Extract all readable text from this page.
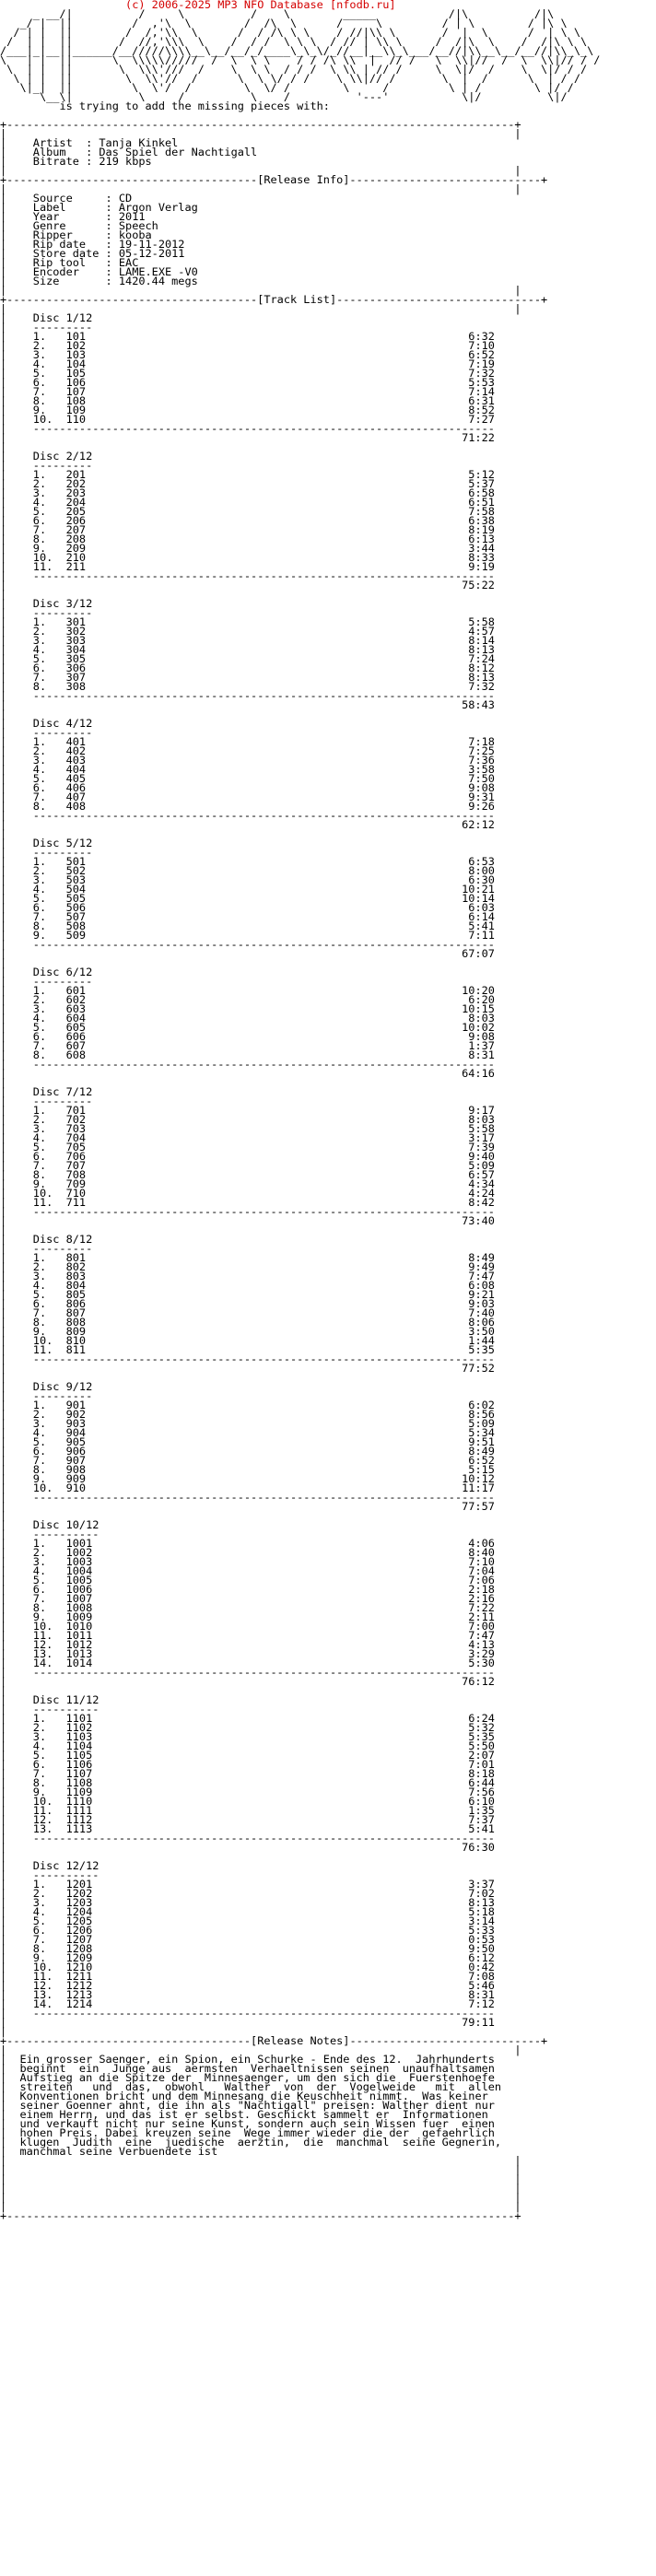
(c) 2006-2025 MP3 NFO Database [nfodb.ru]
_ __/|          /     \          /    \        _____           /|\          /|\
_/ |  ||         /  ,'\  \        /  /\  \      /     \         / | \        / |\ \
/ | |  ||        /  /,'\\  \      /  / /\ \ \    / //|\\ \       /  |  \      /  | \ \
/  | |  ||       /  //,'\\\  \    /  / /  \ \ \  / // | \\ \     /  /|\  \    /  /|\ \ \
/___|_|__||______/__/////\\\\__\__/__/_/____\_\_\/_//__|__\\_\___/__//|\\__\__/__//|\\_\_\
\   | |  ||      \  \\\\\/////  /  \  \ \    / / /\ \\  |  // /   \  \\|//  /  \  \\|// / /
\  | |  ||       \  \\\'///  /    \  \ \  / / /  \ \\ | // /     \  \|/  /    \  \|/ / /
\ | |  ||        \  \\'//  /      \  \ \/ / /    \ \\|// /       \  |  /      \  | / /
\|_|  ||         \  \'/  /        \  \/ /        \     /         \ | /        \ |/ /
\__\|          \     /          \    /          '---'           \|/          \|/
is trying to add the missing pieces with:

+-----------------------------------------------------------------------------+
|                                                                             |
|    Artist  : Tanja Kinkel
|    Album   : Das Spiel der Nachtigall
|    Bitrate : 219 kbps
|                                                                             |
+--------------------------------------[Release Info]-----------------------------+
|                                                                             |
|    Source     : CD
|    Label      : Argon Verlag
|    Year       : 2011
|    Genre      : Speech
|    Ripper     : kooba
|    Rip date   : 19-11-2012
|    Store date : 05-12-2011
|    Rip tool   : EAC
|    Encoder    : LAME.EXE -V0
|    Size       : 1420.44 megs
|                                                                             |
+--------------------------------------[Track List]-------------------------------+
|                                                                             |
|    Disc 1/12
|    ---------
|    1.   101                                                          6:32
|    2.   102                                                          7:10
|    3.   103                                                          6:52
|    4.   104                                                          7:19
|    5.   105                                                          7:32
|    6.   106                                                          5:53
|    7.   107                                                          7:14
|    8.   108                                                          6:31
|    9.   109                                                          8:52
|    10.  110                                                          7:27
|    ----------------------------------------------------------------------
|                                                                     71:22
|
|    Disc 2/12
|    ---------
|    1.   201                                                          5:12
|    2.   202                                                          5:37
|    3.   203                                                          6:58
|    4.   204                                                          6:51
|    5.   205                                                          7:58
|    6.   206                                                          6:38
|    7.   207                                                          8:19
|    8.   208                                                          6:13
|    9.   209                                                          3:44
|    10.  210                                                          8:33
|    11.  211                                                          9:19
|    ----------------------------------------------------------------------
|                                                                     75:22
|
|    Disc 3/12
|    ---------
|    1.   301                                                          5:58
|    2.   302                                                          4:57
|    3.   303                                                          8:14
|    4.   304                                                          8:13
|    5.   305                                                          7:24
|    6.   306                                                          8:12
|    7.   307                                                          8:13
|    8.   308                                                          7:32
|    ----------------------------------------------------------------------
|                                                                     58:43
|
|    Disc 4/12
|    ---------
|    1.   401                                                          7:18
|    2.   402                                                          7:25
|    3.   403                                                          7:36
|    4.   404                                                          3:58
|    5.   405                                                          7:50
|    6.   406                                                          9:08
|    7.   407                                                          9:31
|    8.   408                                                          9:26
|    ----------------------------------------------------------------------
|                                                                     62:12
|
|    Disc 5/12
|    ---------
|    1.   501                                                          6:53
|    2.   502                                                          8:00
|    3.   503                                                          6:30
|    4.   504                                                         10:21
|    5.   505                                                         10:14
|    6.   506                                                          6:03
|    7.   507                                                          6:14
|    8.   508                                                          5:41
|    9.   509                                                          7:11
|    ----------------------------------------------------------------------
|                                                                     67:07
|
|    Disc 6/12
|    ---------
|    1.   601                                                         10:20
|    2.   602                                                          6:20
|    3.   603                                                         10:15
|    4.   604                                                          8:03
|    5.   605                                                         10:02
|    6.   606                                                          9:08
|    7.   607                                                          1:37
|    8.   608                                                          8:31
|    ----------------------------------------------------------------------
|                                                                     64:16
|
|    Disc 7/12
|    ---------
|    1.   701                                                          9:17
|    2.   702                                                          8:03
|    3.   703                                                          5:58
|    4.   704                                                          3:17
|    5.   705                                                          7:39
|    6.   706                                                          9:40
|    7.   707                                                          5:09
|    8.   708                                                          6:57
|    9.   709                                                          4:34
|    10.  710                                                          4:24
|    11.  711                                                          8:42
|    ----------------------------------------------------------------------
|                                                                     73:40
|
|    Disc 8/12
|    ---------
|    1.   801                                                          8:49
|    2.   802                                                          9:49
|    3.   803                                                          7:47
|    4.   804                                                          6:08
|    5.   805                                                          9:21
|    6.   806                                                          9:03
|    7.   807                                                          7:40
|    8.   808                                                          8:06
|    9.   809                                                          3:50
|    10.  810                                                          1:44
|    11.  811                                                          5:35
|    ----------------------------------------------------------------------
|                                                                     77:52
|
|    Disc 9/12
|    ---------
|    1.   901                                                          6:02
|    2.   902                                                          8:56
|    3.   903                                                          5:09
|    4.   904                                                          5:34
|    5.   905                                                          9:51
|    6.   906                                                          8:49
|    7.   907                                                          6:52
|    8.   908                                                          5:15
|    9.   909                                                         10:12
|    10.  910                                                         11:17
|    ----------------------------------------------------------------------
|                                                                     77:57
|
|    Disc 10/12
|    ----------
|    1.   1001                                                         4:06
|    2.   1002                                                         8:40
|    3.   1003                                                         7:10
|    4.   1004                                                         7:04
|    5.   1005                                                         7:06
|    6.   1006                                                         2:18
|    7.   1007                                                         2:16
|    8.   1008                                                         7:22
|    9.   1009                                                         2:11
|    10.  1010                                                         7:00
|    11.  1011                                                         7:47
|    12.  1012                                                         4:13
|    13.  1013                                                         3:29
|    14.  1014                                                         5:30
|    ----------------------------------------------------------------------
|                                                                     76:12
|
|    Disc 11/12
|    ----------
|    1.   1101                                                         6:24
|    2.   1102                                                         5:32
|    3.   1103                                                         5:35
|    4.   1104                                                         5:50
|    5.   1105                                                         2:07
|    6.   1106                                                         7:01
|    7.   1107                                                         8:18
|    8.   1108                                                         6:44
|    9.   1109                                                         7:56
|    10.  1110                                                         6:10
|    11.  1111                                                         1:35
|    12.  1112                                                         7:37
|    13.  1113                                                         5:41
|    ----------------------------------------------------------------------
|                                                                     76:30
|
|    Disc 12/12
|    ----------
|    1.   1201                                                         3:37
|    2.   1202                                                         7:02
|    3.   1203                                                         8:13
|    4.   1204                                                         5:18
|    5.   1205                                                         3:14
|    6.   1206                                                         5:33
|    7.   1207                                                         0:53
|    8.   1208                                                         9:50
|    9.   1209                                                         6:12
|    10.  1210                                                         0:42
|    11.  1211                                                         7:08
|    12.  1212                                                         5:46
|    13.  1213                                                         8:31
|    14.  1214                                                         7:12
|    ----------------------------------------------------------------------
|                                                                     79:11
|
+-------------------------------------[Release Notes]-----------------------------+
|                                                                             |
|  Ein grosser Saenger, ein Spion, ein Schurke - Ende des 12.  Jahrhunderts
|  beginnt  ein  Junge aus  aermsten  Verhaeltnissen seinen  unaufhaltsamen
|  Aufstieg an die Spitze der  Minnesaenger, um den sich die  Fuerstenhoefe
|  streiten   und  das,  obwohl   Walther  von  der  Vogelweide   mit  allen
|  Konventionen bricht und dem Minnesang die Keuschheit nimmt.  Was keiner
|  seiner Goenner ahnt, die ihn als "Nachtigall" preisen: Walther dient nur
|  einem Herrn, und das ist er selbst. Geschickt sammelt er  Informationen
|  und verkauft nicht nur seine Kunst, sondern auch sein Wissen fuer  einen
|  hohen Preis. Dabei kreuzen seine  Wege immer wieder die der  gefaehrlich
|  klugen  Judith  eine  juedische  aerztin,  die  manchmal  seine Gegnerin,
|  manchmal seine Verbuendete ist
|                                                                             |
|                                                                             |
|                                                                             |
|                                                                             |
|                                                                             |
|                                                                             |
+-----------------------------------------------------------------------------+
